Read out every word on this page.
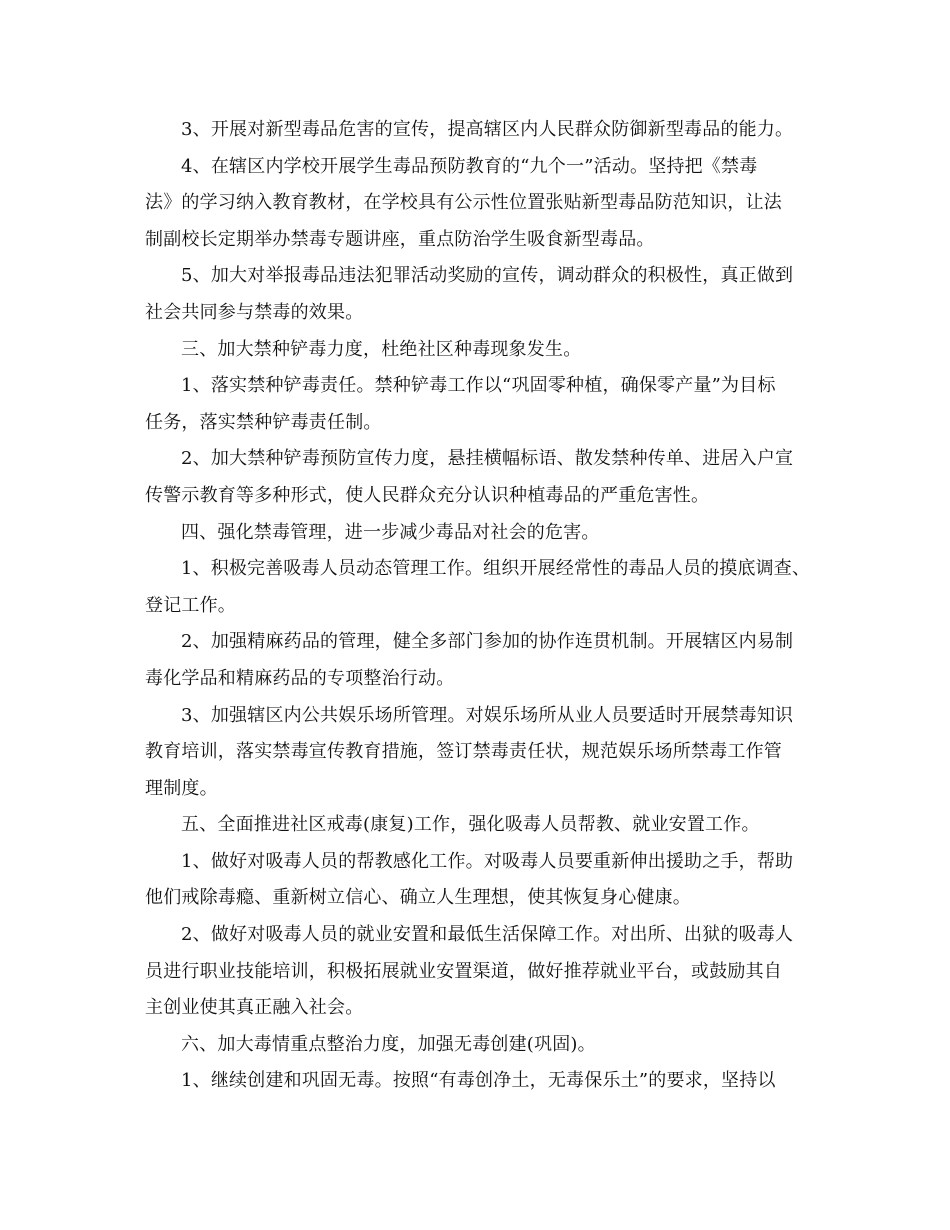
3、开展对新型毒品危害的宣传，提高辖区内人民群众防御新型毒品的能力。

4、在辖区内学校开展学生毒品预防教育的“九个一”活动。坚持把《禁毒
法》的学习纳入教育教材，在学校具有公示性位置张贴新型毒品防范知识，让法
制副校长定期举办禁毒专题讲座，重点防治学生吸食新型毒品。

5、加大对举报毒品违法犯罪活动奖励的宣传，调动群众的积极性，真正做到
社会共同参与禁毒的效果。

三、加大禁种铲毒力度，杜绝社区种毒现象发生。

1、落实禁种铲毒责任。禁种铲毒工作以“巩固零种植，确保零产量”为目标
任务，落实禁种铲毒责任制。

2、加大禁种铲毒预防宣传力度，悬挂横幅标语、散发禁种传单、进居入户宣
传警示教育等多种形式，使人民群众充分认识种植毒品的严重危害性。

四、强化禁毒管理，进一步减少毒品对社会的危害。

1、积极完善吸毒人员动态管理工作。组织开展经常性的毒品人员的摸底调查、
登记工作。

2、加强精麻药品的管理，健全多部门参加的协作连贯机制。开展辖区内易制
毒化学品和精麻药品的专项整治行动。

3、加强辖区内公共娱乐场所管理。对娱乐场所从业人员要适时开展禁毒知识
教育培训，落实禁毒宣传教育措施，签订禁毒责任状，规范娱乐场所禁毒工作管
理制度。

五、全面推进社区戒毒(康复)工作，强化吸毒人员帮教、就业安置工作。

1、做好对吸毒人员的帮教感化工作。对吸毒人员要重新伸出援助之手，帮助
他们戒除毒瘾、重新树立信心、确立人生理想，使其恢复身心健康。

2、做好对吸毒人员的就业安置和最低生活保障工作。对出所、出狱的吸毒人
员进行职业技能培训，积极拓展就业安置渠道，做好推荐就业平台，或鼓励其自
主创业使其真正融入社会。

六、加大毒情重点整治力度，加强无毒创建(巩固)。

1、继续创建和巩固无毒。按照“有毒创净土，无毒保乐土”的要求，坚持以
